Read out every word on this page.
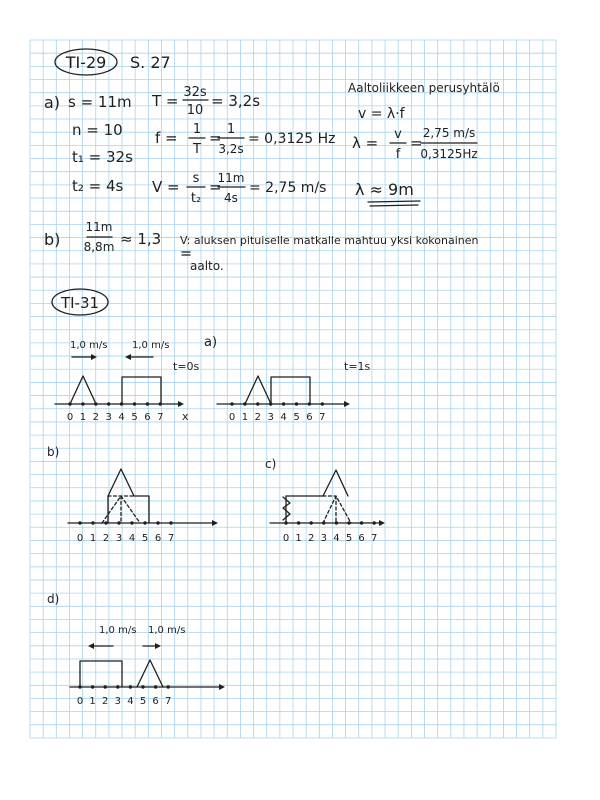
TI-29 S. 27
a) s = 11m
n = 10
t₁ = 32s
t₂ = 4s
T = 32s
10
= 3,2s
f = 1
T
= 1
3,2s
= 0,3125 Hz
V = s
t₂
=
11m
4s
= 2,75 m/s
Aaltoliikkeen perusyhtälö
v = λ·f
λ = v
f
=
2,75 m/s
0,3125Hz
λ ≈ 9m
b)
11m
8,8m ≈ 1,3 V: aluksen pituiselle matkalle mahtuu yksi kokonainen
aalto.
TI-31
1,0 m/s 1,0 m/s
t=0s
x
0 1 2 3 4 5 6 7
a)
t=1s
0 1 2 3 4 5 6 7
b)
0 1 2 3 4 5 6 7
c)
0 1 2 3 4 5 6 7
d)
1,0 m/s 1,0 m/s
0 1 2 3 4 5 6 7
